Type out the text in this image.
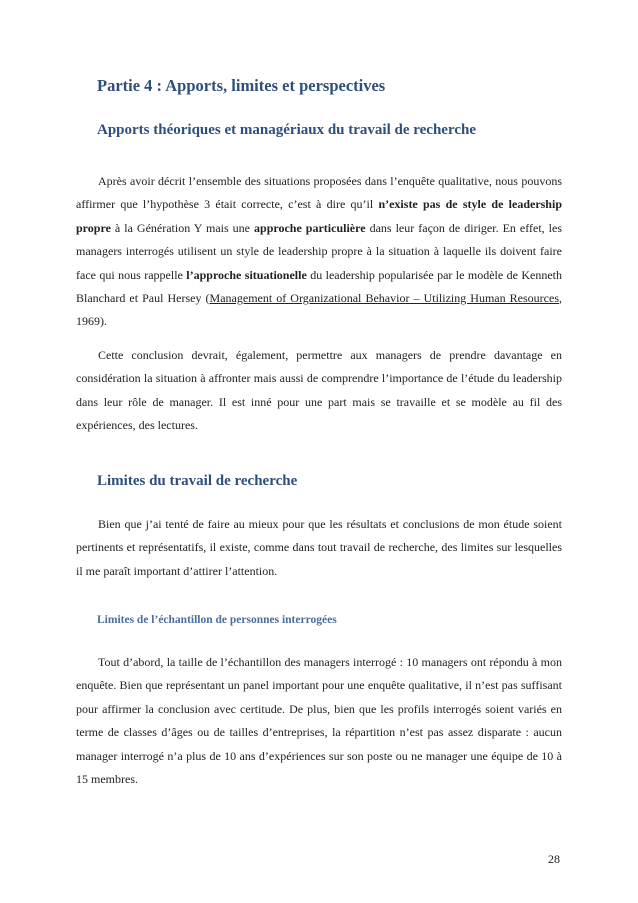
Partie 4 : Apports, limites et perspectives
Apports théoriques et managériaux du travail de recherche

Après avoir décrit l’ensemble des situations proposées dans l’enquête qualitative, nous pouvons affirmer que l’hypothèse 3 était correcte, c’est à dire qu’il n’existe pas de style de leadership propre à la Génération Y mais une approche particulière dans leur façon de diriger. En effet, les managers interrogés utilisent un style de leadership propre à la situation à laquelle ils doivent faire face qui nous rappelle l’approche situationelle du leadership popularisée par le modèle de Kenneth Blanchard et Paul Hersey (Management of Organizational Behavior – Utilizing Human Resources, 1969).

Cette conclusion devrait, également, permettre aux managers de prendre davantage en considération la situation à affronter mais aussi de comprendre l’importance de l’étude du leadership dans leur rôle de manager. Il est inné pour une part mais se travaille et se modèle au fil des expériences, des lectures.

Limites du travail de recherche

Bien que j’ai tenté de faire au mieux pour que les résultats et conclusions de mon étude soient pertinents et représentatifs, il existe, comme dans tout travail de recherche, des limites sur lesquelles il me paraît important d’attirer l’attention.

Limites de l’échantillon de personnes interrogées

Tout d’abord, la taille de l’échantillon des managers interrogé : 10 managers ont répondu à mon enquête. Bien que représentant un panel important pour une enquête qualitative, il n’est pas suffisant pour affirmer la conclusion avec certitude. De plus, bien que les profils interrogés soient variés en terme de classes d’âges ou de tailles d’entreprises, la répartition n’est pas assez disparate : aucun manager interrogé n’a plus de 10 ans d’expériences sur son poste ou ne manager une équipe de 10 à 15 membres.

28
